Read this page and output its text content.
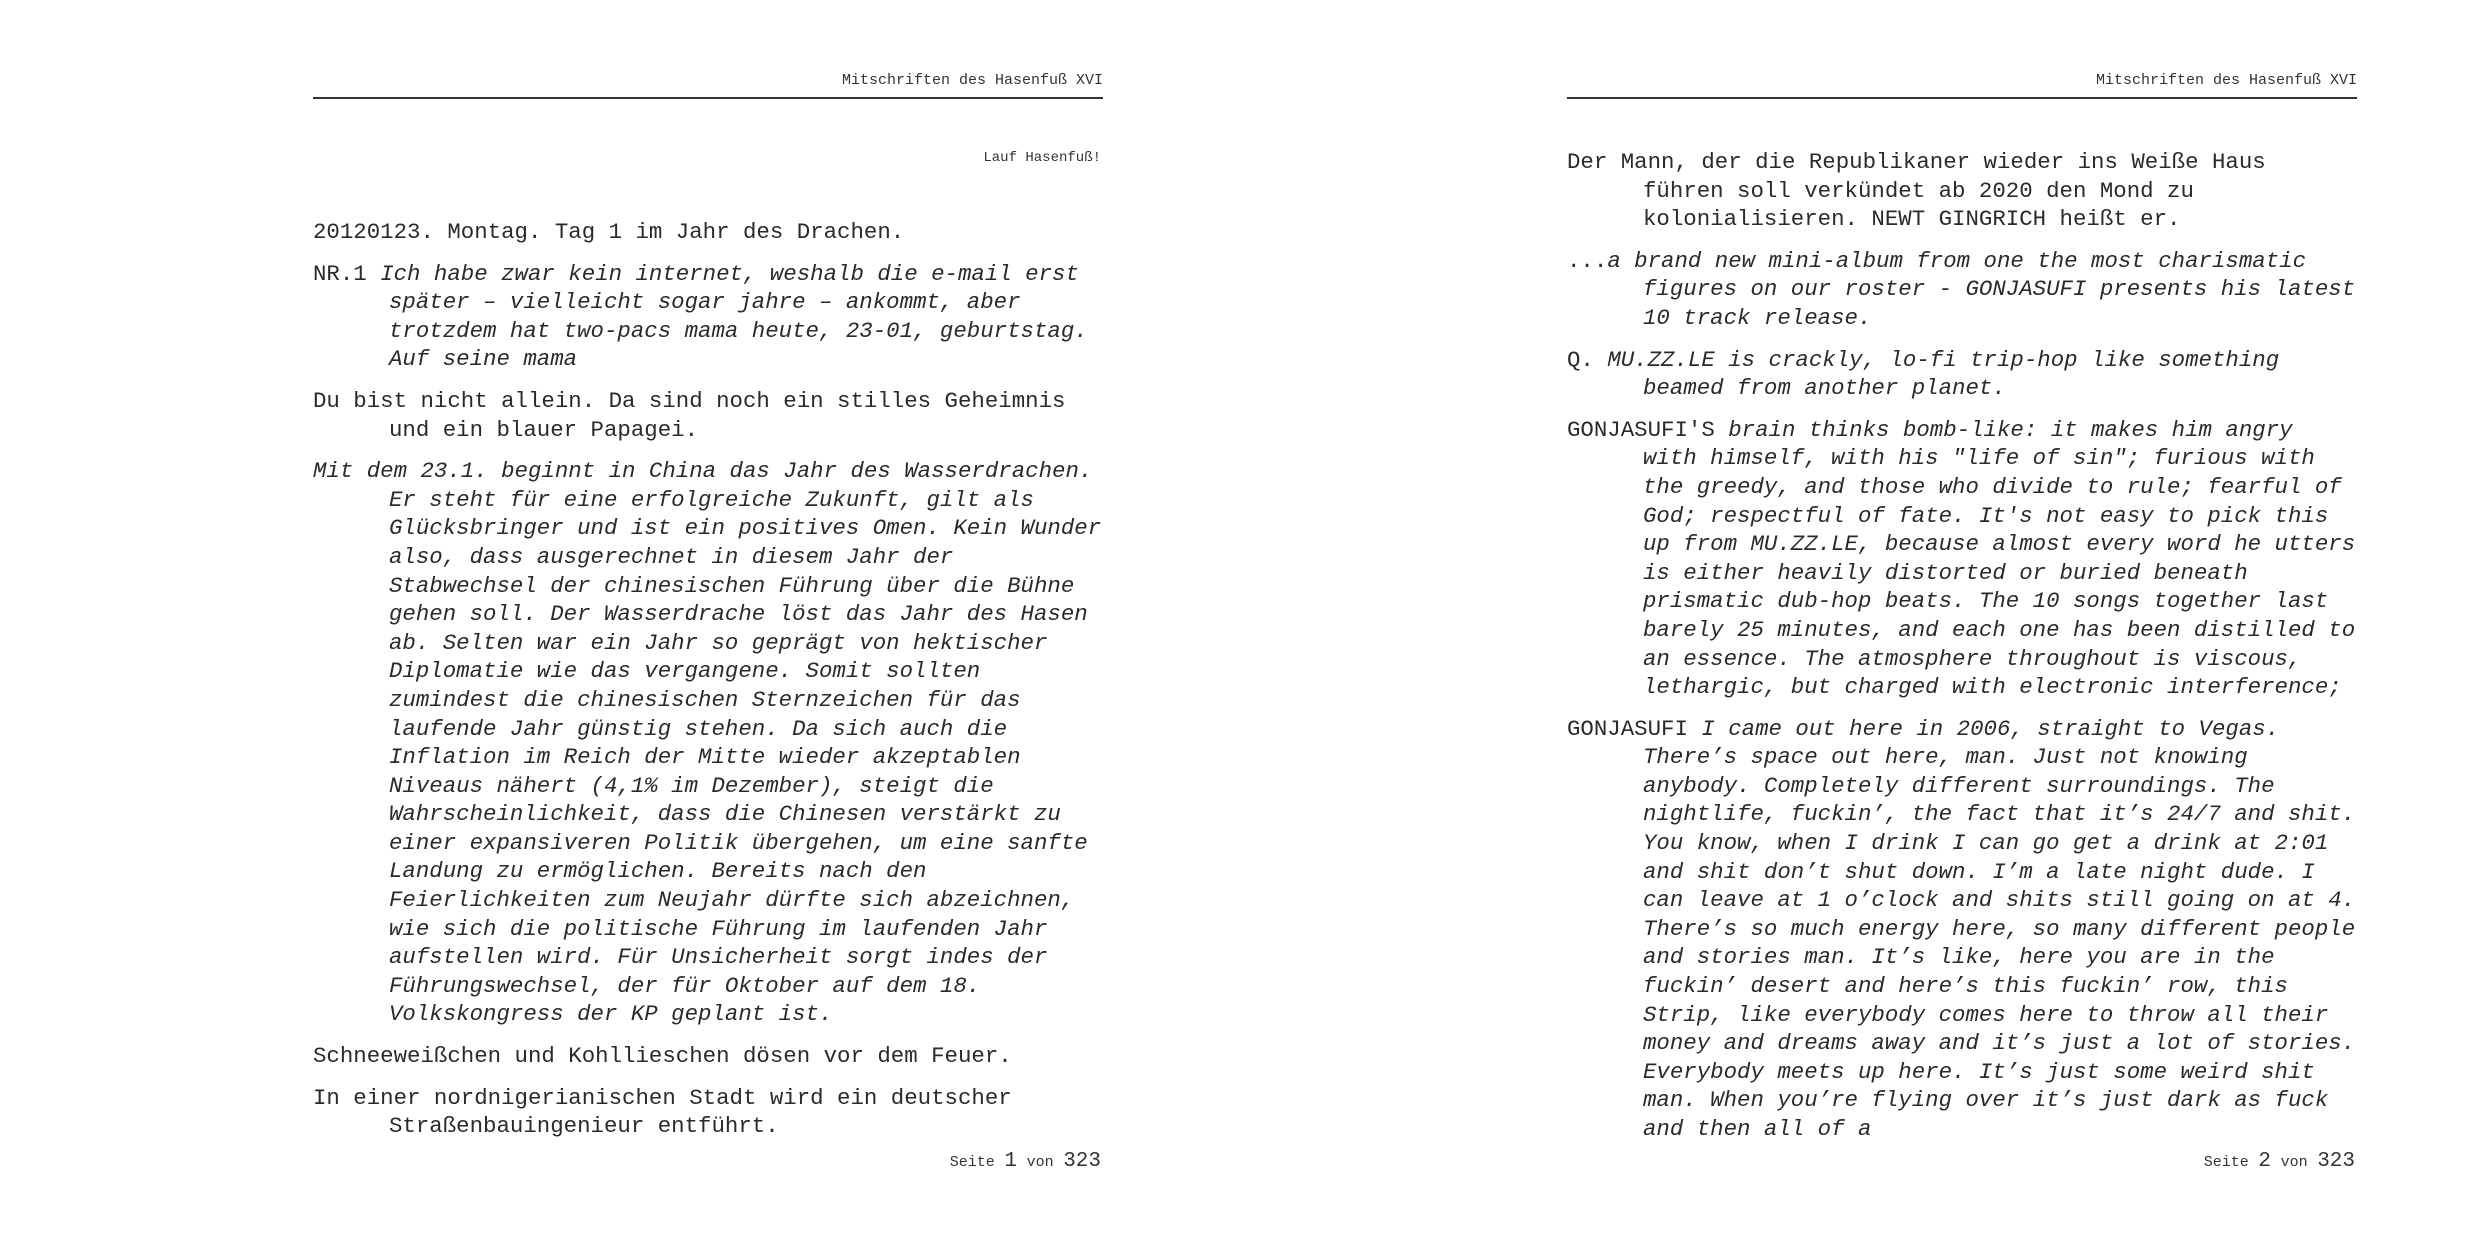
Mitschriften des Hasenfuß XVI
Lauf Hasenfuß!

20120123. Montag. Tag 1 im Jahr des Drachen.

NR.1 Ich habe zwar kein internet, weshalb die e-mail erst später – vielleicht sogar jahre – ankommt, aber trotzdem hat two-pacs mama heute, 23-01, geburtstag. Auf seine mama

Du bist nicht allein. Da sind noch ein stilles Geheimnis und ein blauer Papagei.

Mit dem 23.1. beginnt in China das Jahr des Wasserdrachen. Er steht für eine erfolgreiche Zukunft, gilt als Glücksbringer und ist ein positives Omen. Kein Wunder also, dass ausgerechnet in diesem Jahr der Stabwechsel der chinesischen Führung über die Bühne gehen soll. Der Wasserdrache löst das Jahr des Hasen ab. Selten war ein Jahr so geprägt von hektischer Diplomatie wie das vergangene. Somit sollten zumindest die chinesischen Sternzeichen für das laufende Jahr günstig stehen. Da sich auch die Inflation im Reich der Mitte wieder akzeptablen Niveaus nähert (4,1% im Dezember), steigt die Wahrscheinlichkeit, dass die Chinesen verstärkt zu einer expansiveren Politik übergehen, um eine sanfte Landung zu ermöglichen. Bereits nach den Feierlichkeiten zum Neujahr dürfte sich abzeichnen, wie sich die politische Führung im laufenden Jahr aufstellen wird. Für Unsicherheit sorgt indes der Führungswechsel, der für Oktober auf dem 18. Volkskongress der KP geplant ist.

Schneeweißchen und Kohllieschen dösen vor dem Feuer.

In einer nordnigerianischen Stadt wird ein deutscher Straßenbauingenieur entführt.

Seite 1 von 323
Mitschriften des Hasenfuß XVI

Der Mann, der die Republikaner wieder ins Weiße Haus führen soll verkündet ab 2020 den Mond zu kolonialisieren. NEWT GINGRICH heißt er.

...a brand new mini-album from one the most charismatic figures on our roster - GONJASUFI presents his latest 10 track release.

Q. MU.ZZ.LE is crackly, lo-fi trip-hop like something beamed from another planet.

GONJASUFI'S brain thinks bomb-like: it makes him angry with himself, with his "life of sin"; furious with the greedy, and those who divide to rule; fearful of God; respectful of fate. It's not easy to pick this up from MU.ZZ.LE, because almost every word he utters is either heavily distorted or buried beneath prismatic dub-hop beats. The 10 songs together last barely 25 minutes, and each one has been distilled to an essence. The atmosphere throughout is viscous, lethargic, but charged with electronic interference;

GONJASUFI I came out here in 2006, straight to Vegas. There’s space out here, man. Just not knowing anybody. Completely different surroundings. The nightlife, fuckin’, the fact that it’s 24/7 and shit. You know, when I drink I can go get a drink at 2:01 and shit don’t shut down. I’m a late night dude. I can leave at 1 o’clock and shits still going on at 4. There’s so much energy here, so many different people and stories man. It’s like, here you are in the fuckin’ desert and here’s this fuckin’ row, this Strip, like everybody comes here to throw all their money and dreams away and it’s just a lot of stories. Everybody meets up here. It’s just some weird shit man. When you’re flying over it’s just dark as fuck and then all of a

Seite 2 von 323
